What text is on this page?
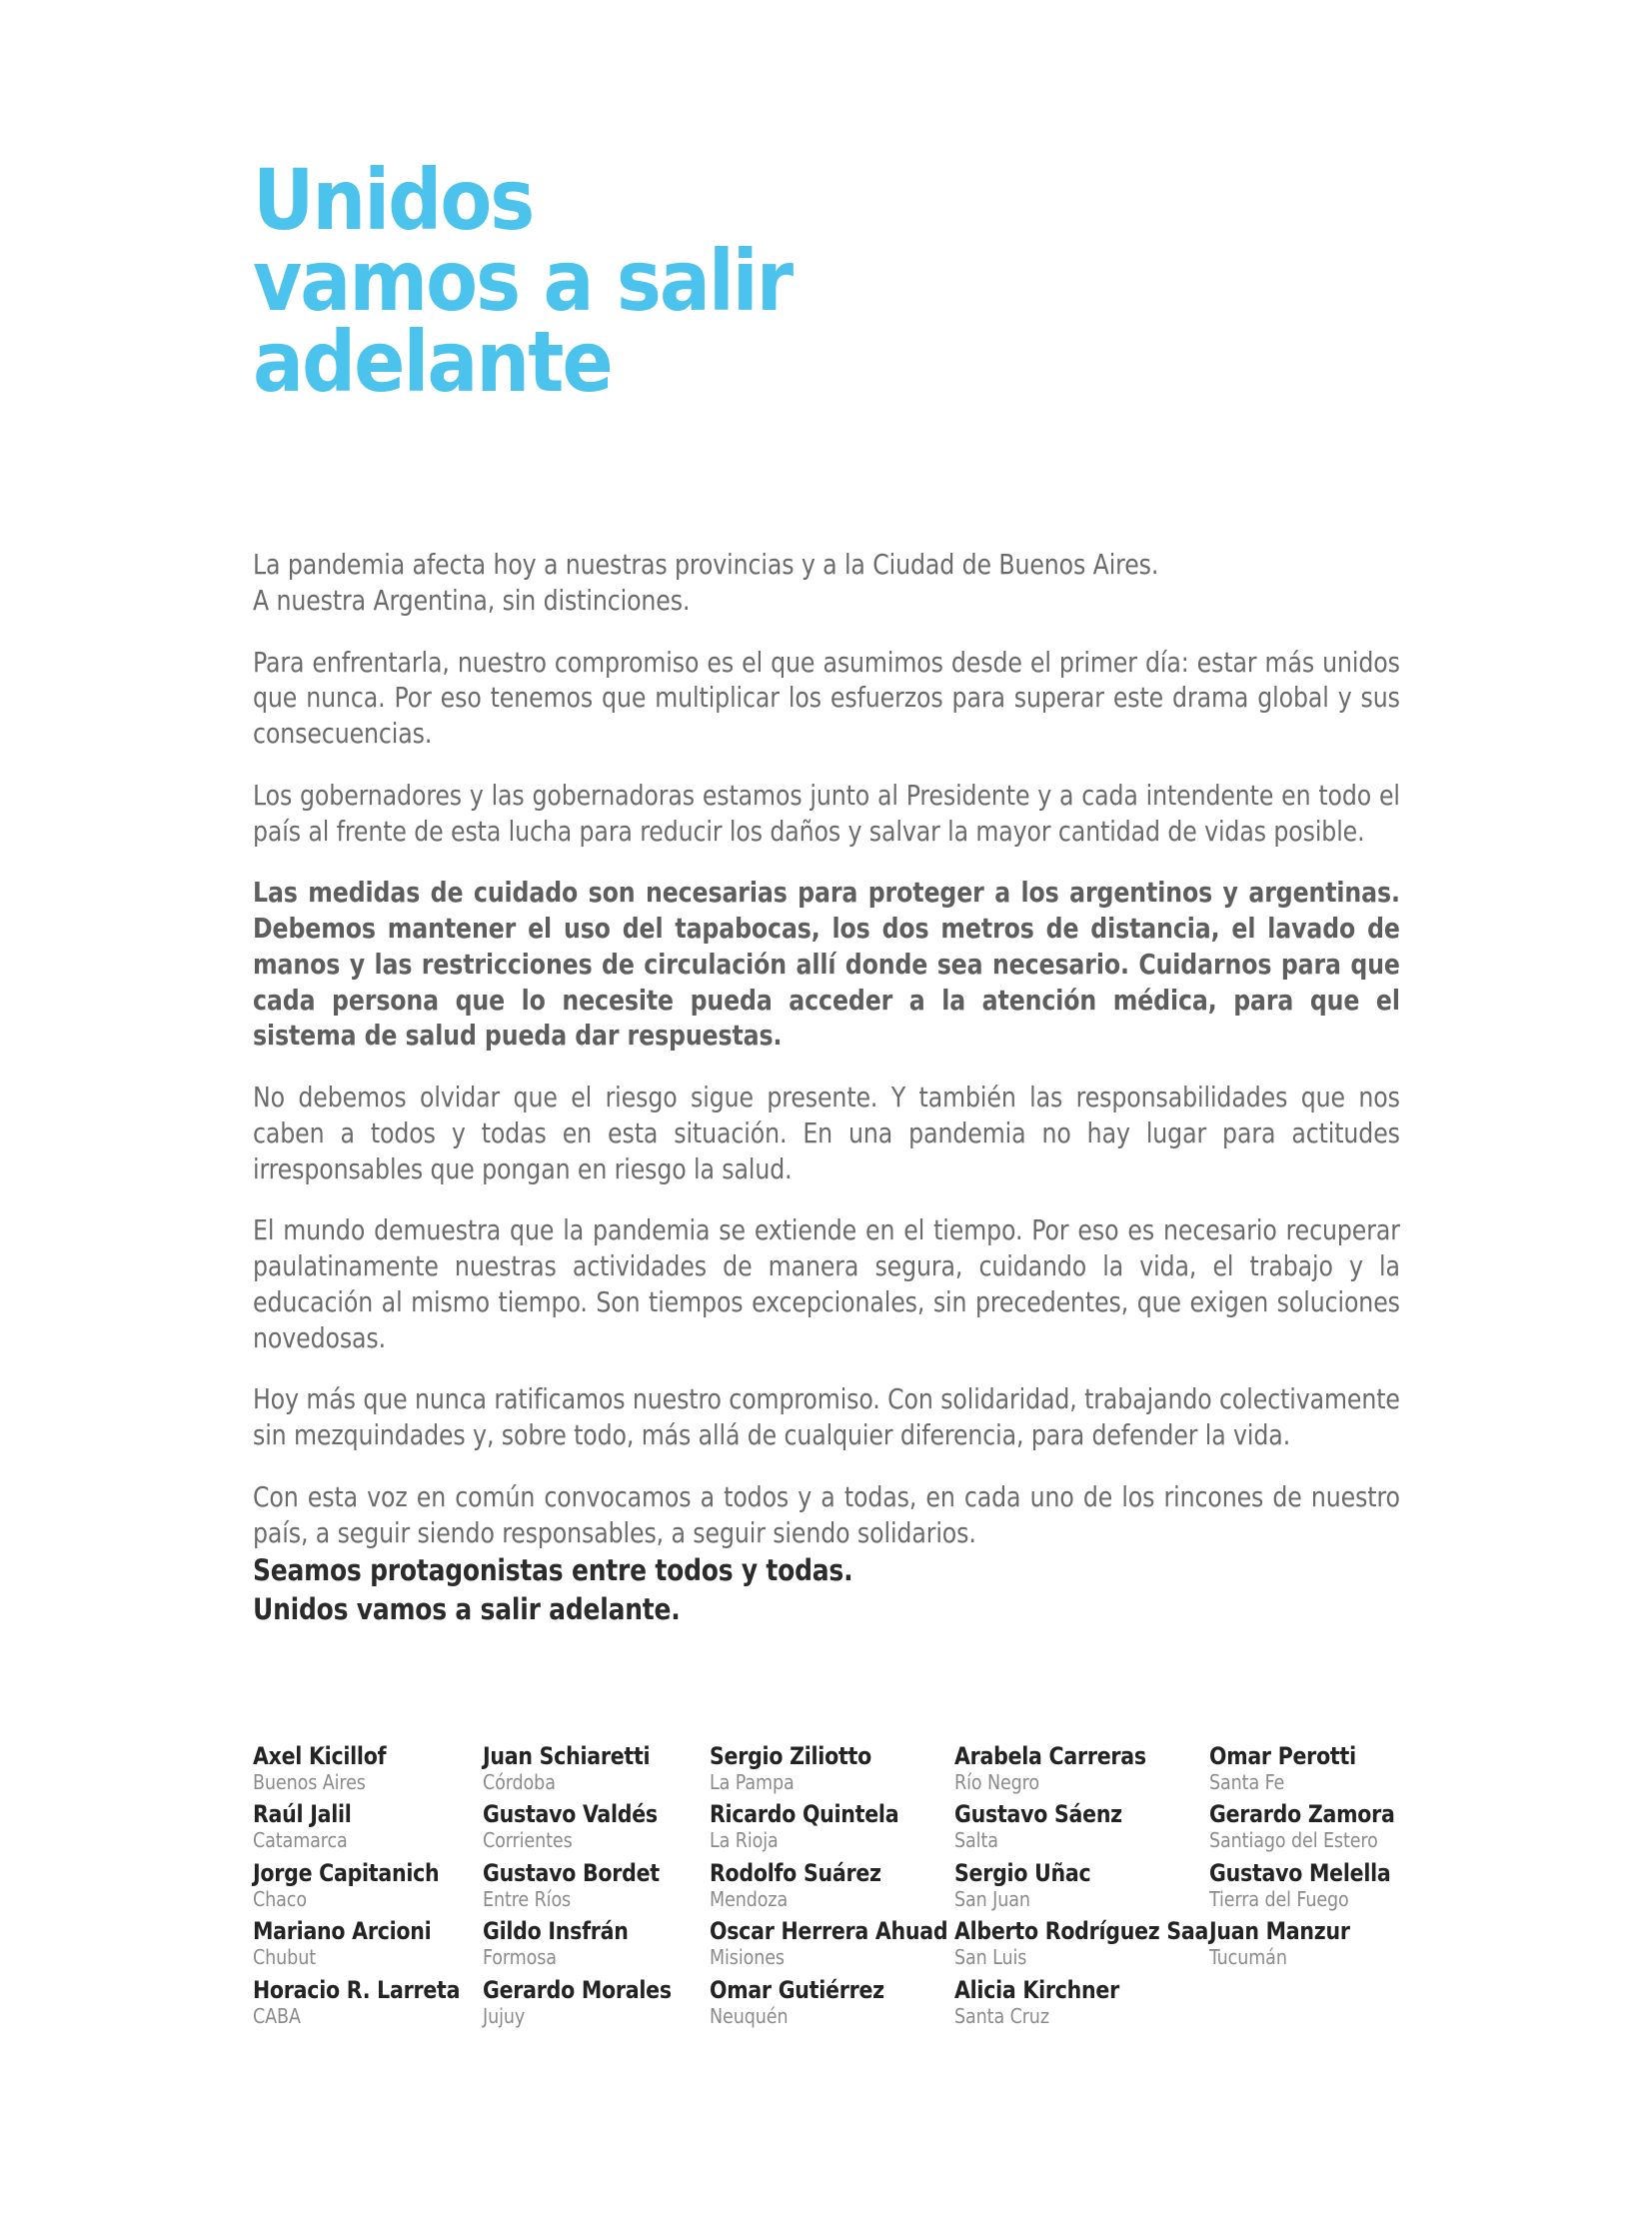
Unidos
vamos a salir
adelante

La pandemia afecta hoy a nuestras provincias y a la Ciudad de Buenos Aires.
A nuestra Argentina, sin distinciones.

Para enfrentarla, nuestro compromiso es el que asumimos desde el primer día: estar más unidos que nunca. Por eso tenemos que multiplicar los esfuerzos para superar este drama global y sus consecuencias.

Los gobernadores y las gobernadoras estamos junto al Presidente y a cada intendente en todo el país al frente de esta lucha para reducir los daños y salvar la mayor cantidad de vidas posible.

Las medidas de cuidado son necesarias para proteger a los argentinos y argentinas. Debemos mantener el uso del tapabocas, los dos metros de distancia, el lavado de manos y las restricciones de circulación allí donde sea necesario. Cuidarnos para que cada persona que lo necesite pueda acceder a la atención médica, para que el sistema de salud pueda dar respuestas.

No debemos olvidar que el riesgo sigue presente. Y también las responsabilidades que nos caben a todos y todas en esta situación. En una pandemia no hay lugar para actitudes irresponsables que pongan en riesgo la salud.

El mundo demuestra que la pandemia se extiende en el tiempo. Por eso es necesario recuperar paulatinamente nuestras actividades de manera segura, cuidando la vida, el trabajo y la educación al mismo tiempo. Son tiempos excepcionales, sin precedentes, que exigen soluciones novedosas.

Hoy más que nunca ratificamos nuestro compromiso. Con solidaridad, trabajando colectivamente sin mezquindades y, sobre todo, más allá de cualquier diferencia, para defender la vida.

Con esta voz en común convocamos a todos y a todas, en cada uno de los rincones de nuestro país, a seguir siendo responsables, a seguir siendo solidarios.

Seamos protagonistas entre todos y todas.
Unidos vamos a salir adelante.
Axel Kicillof
Buenos Aires
Raúl Jalil
Catamarca
Jorge Capitanich
Chaco
Mariano Arcioni
Chubut
Horacio R. Larreta
CABA
Juan Schiaretti
Córdoba
Gustavo Valdés
Corrientes
Gustavo Bordet
Entre Ríos
Gildo Insfrán
Formosa
Gerardo Morales
Jujuy
Sergio Ziliotto
La Pampa
Ricardo Quintela
La Rioja
Rodolfo Suárez
Mendoza
Oscar Herrera Ahuad
Misiones
Omar Gutiérrez
Neuquén
Arabela Carreras
Río Negro
Gustavo Sáenz
Salta
Sergio Uñac
San Juan
Alberto Rodríguez Saa
San Luis
Alicia Kirchner
Santa Cruz
Omar Perotti
Santa Fe
Gerardo Zamora
Santiago del Estero
Gustavo Melella
Tierra del Fuego
Juan Manzur
Tucumán
